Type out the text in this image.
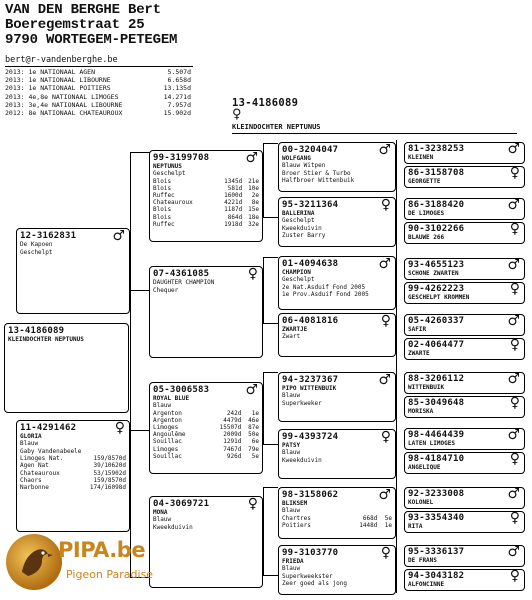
VAN DEN BERGHE Bert
Boeregemstraat 25
9790 WORTEGEM-PETEGEM
bert@r-vandenberghe.be
2013: 1e NATIONAAL AGEN	5.507d
2013: 1e NATIONAAL LIBOURNE	6.658d
2013: 1e NATIONAAL POITIERS	13.135d
2013: 4e,8e NATIONAAL LIMOGES	14.271d
2013: 3e,4e NATIONAAL LIBOURNE	7.957d
2012: 8e NATIONAAL CHATEAUROUX	15.902d
13-4186089
♀
KLEINDOCHTER NEPTUNUS
12-3162831	♂
De Kapoen
Geschelpt
13-4186089
KLEINDOCHTER NEPTUNUS
11-4291462	♀
GLORIA
Blauw
Gaby Vandenabeele
Limoges Nat.	159/8570d
Agen Nat	39/10620d
Chateauroux	53/15902d
Chaors	159/8570d
Narbonne	174/16098d
99-3199708	♂
NEPTUNUS
Geschelpt
Blois	1345d	21e
Blois	581d	10e
Ruffec	1600d	2e
Chateauroux	4221d	8e
Blois	1187d	15e
Blois	864d	18e
Ruffec	1918d	32e
07-4361085	♀
DAUGHTER CHAMPION
Chequer
05-3006583	♂
ROYAL BLUE
Blauw
Argenton	242d	1e
Argenton	4479d	46e
Limoges	15507d	87e
Angoulême	2009d	50e
Souillac	1291d	6e
Limoges	7467d	79e
Souillac	926d	5e
04-3069721	♀
MONA
Blauw
Kweekduivin
00-3204047	♂
WOLFGANG
Blauw Witpen
Broer Stier & Turbo
Halfbroer Wittenbuik
95-3211364	♀
BALLERINA
Geschelpt
Kweekduivin
Zuster Barry
01-4094638	♂
CHAMPION
Geschelpt
2e Nat.Asduif Fond 2005
1e Prov.Asduif Fond 2005
06-4081816	♀
ZWARTJE
Zwart
94-3237367	♂
PIPO WITTENBUIK
Blauw
Superkweker
99-4393724	♀
PATSY
Blauw
Kweekduivin
98-3158062	♂
BLIKSEM
Blauw
Chartres	668d	5e
Poitiers	1448d	1e
99-3103770	♀
FRIEDA
Blauw
Superkweekster
Zeer goed als jong
81-3238253	♂
KLEINEN
86-3158708	♀
GEORGETTE
86-3188420	♂
DE LIMOGES
90-3102266	♀
BLAUWE 266
93-4655123	♂
SCHONE ZWARTEN
99-4262223	♀
GESCHELPT KROMMEN
05-4260337	♂
SAFIR
02-4064477	♀
ZWARTE
88-3206112	♂
WITTENBUIK
85-3049648	♀
MORISKA
98-4464439	♂
LATEN LIMOGES
98-4184710	♀
ANGELIQUE
92-3233008	♂
KOLONEL
93-3354340	♀
RITA
95-3336137	♂
DE FRANS
94-3043182	♀
ALFONCINNE
PIPA.be
Pigeon Paradise
